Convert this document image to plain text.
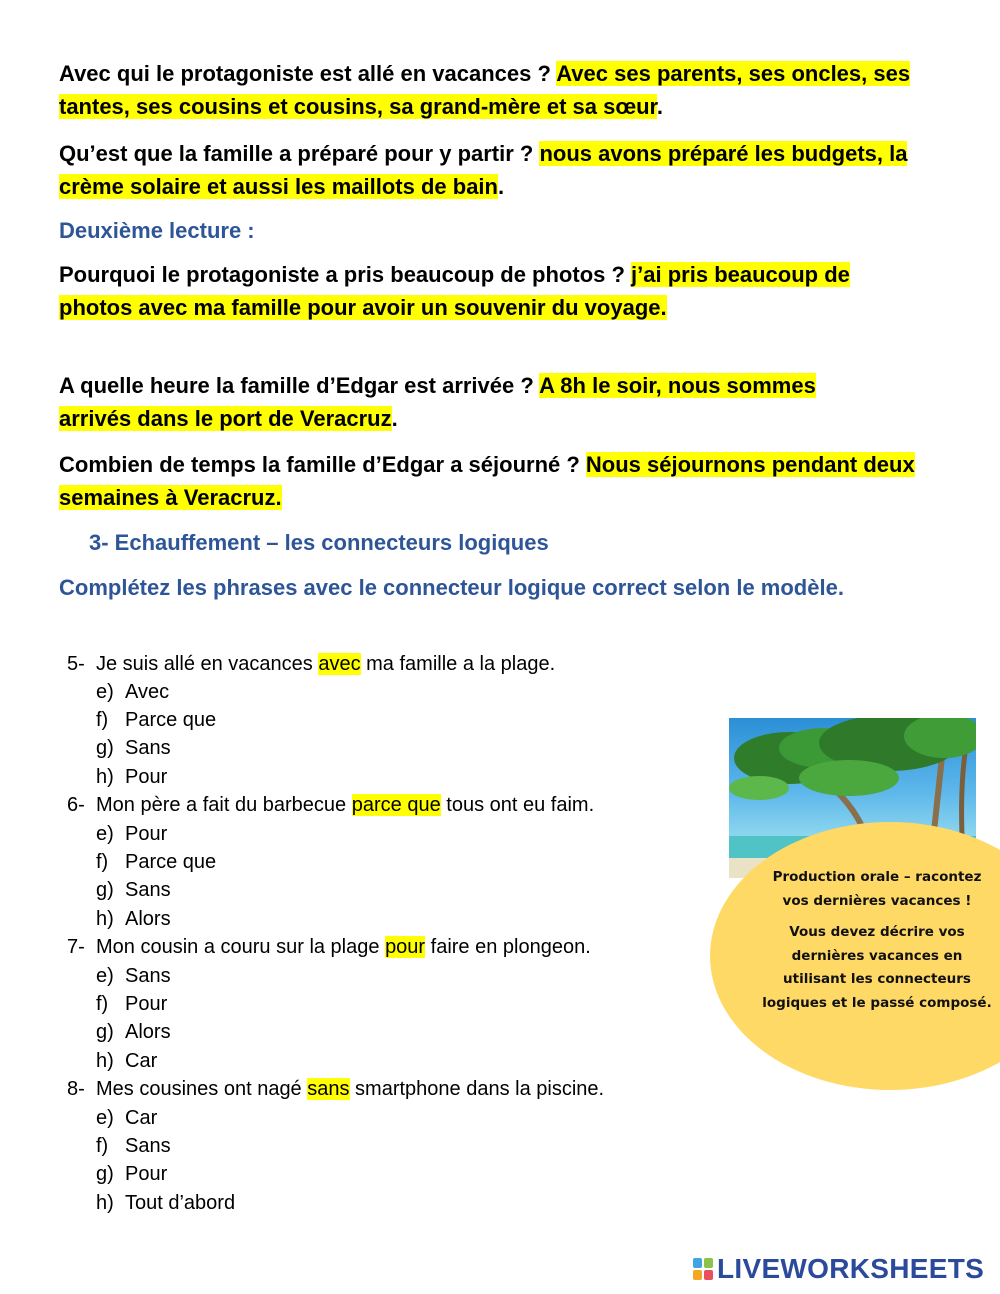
Avec qui le protagoniste est allé en vacances ? Avec ses parents, ses oncles, ses tantes, ses cousins et cousins, sa grand-mère et sa sœur.

Qu’est que la famille a préparé pour y partir ? nous avons préparé les budgets, la crème solaire et aussi les maillots de bain.

Deuxième lecture :

Pourquoi le protagoniste a pris beaucoup de photos ? j’ai pris beaucoup de photos avec ma famille pour avoir un souvenir du voyage.

A quelle heure la famille d’Edgar est arrivée ? A 8h le soir, nous sommes arrivés dans le port de Veracruz.

Combien de temps la famille d’Edgar a séjourné ? Nous séjournons pendant deux semaines à Veracruz.

3- Echauffement – les connecteurs logiques

Complétez les phrases avec le connecteur logique correct selon le modèle.

5- Je suis allé en vacances avec ma famille a la plage.
e) Avec
f) Parce que
g) Sans
h) Pour
6- Mon père a fait du barbecue parce que tous ont eu faim.
e) Pour
f) Parce que
g) Sans
h) Alors
7- Mon cousin a couru sur la plage pour faire en plongeon.
e) Sans
f) Pour
g) Alors
h) Car
8- Mes cousines ont nagé sans smartphone dans la piscine.
e) Car
f) Sans
g) Pour
h) Tout d’abord

Production orale – racontez vos dernières vacances !

Vous devez décrire vos dernières vacances en utilisant les connecteurs logiques et le passé composé.

LIVEWORKSHEETS
